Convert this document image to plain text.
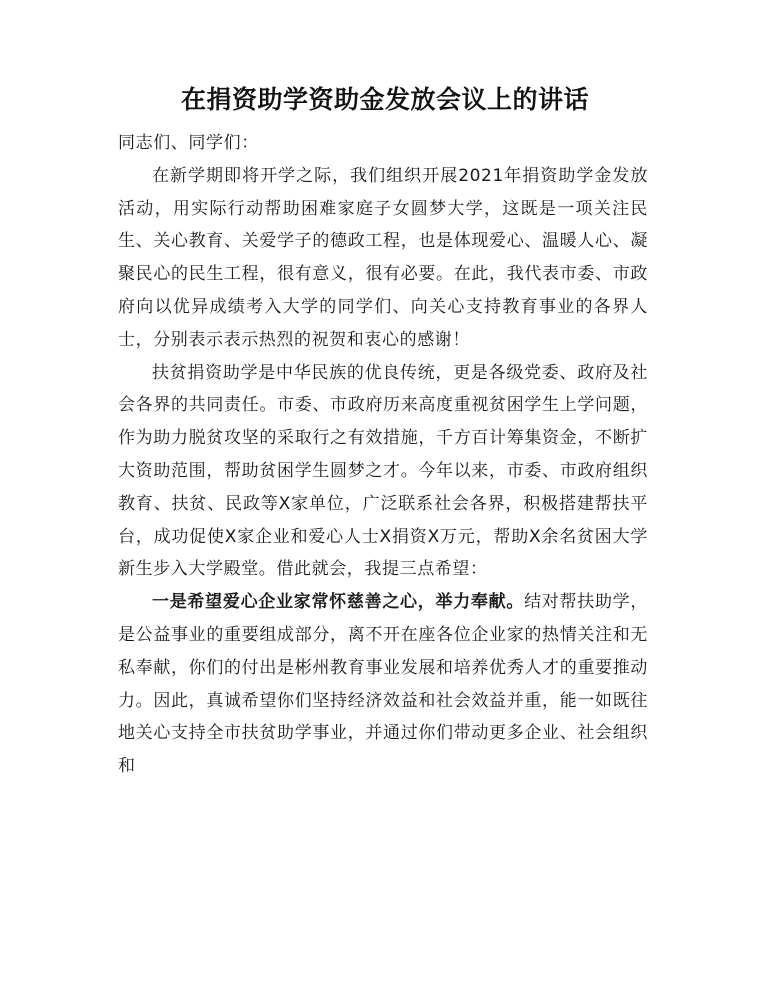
在捐资助学资助金发放会议上的讲话

同志们、同学们：

在新学期即将开学之际，我们组织开展2021年捐资助学金发放活动，用实际行动帮助困难家庭子女圆梦大学，这既是一项关注民生、关心教育、关爱学子的德政工程，也是体现爱心、温暖人心、凝聚民心的民生工程，很有意义，很有必要。在此，我代表市委、市政府向以优异成绩考入大学的同学们、向关心支持教育事业的各界人士，分别表示表示热烈的祝贺和衷心的感谢！

扶贫捐资助学是中华民族的优良传统，更是各级党委、政府及社会各界的共同责任。市委、市政府历来高度重视贫困学生上学问题，作为助力脱贫攻坚的采取行之有效措施，千方百计筹集资金，不断扩大资助范围，帮助贫困学生圆梦之才。今年以来，市委、市政府组织教育、扶贫、民政等X家单位，广泛联系社会各界，积极搭建帮扶平台，成功促使X家企业和爱心人士X捐资X万元，帮助X余名贫困大学新生步入大学殿堂。借此就会，我提三点希望：

一是希望爱心企业家常怀慈善之心，举力奉献。结对帮扶助学，是公益事业的重要组成部分，离不开在座各位企业家的热情关注和无私奉献，你们的付出是彬州教育事业发展和培养优秀人才的重要推动力。因此，真诚希望你们坚持经济效益和社会效益并重，能一如既往地关心支持全市扶贫助学事业，并通过你们带动更多企业、社会组织和
